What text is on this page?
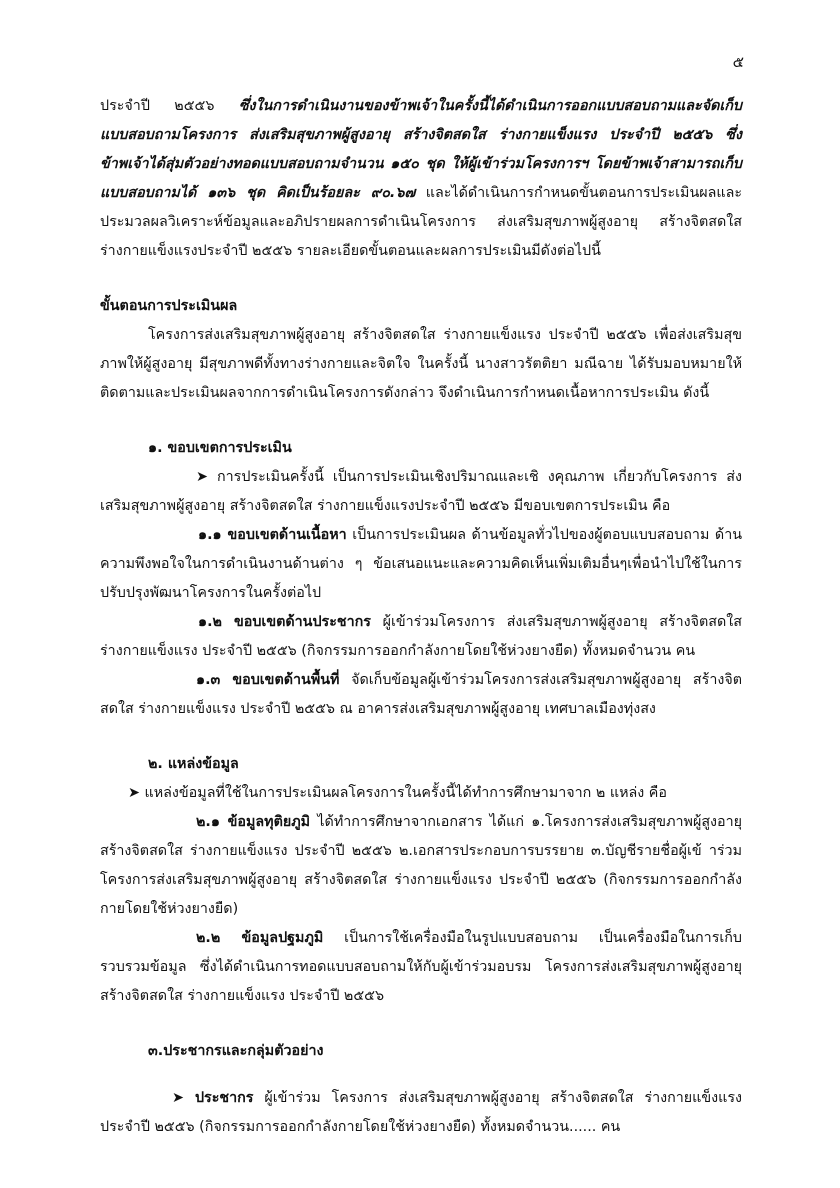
๕

ประจำปี ๒๕๕๖ ซึ่งในการดำเนินงานของข้าพเจ้าในครั้งนี้ได้ดำเนินการออกแบบสอบถามและจัดเก็บแบบสอบถามโครงการ ส่งเสริมสุขภาพผู้สูงอายุ สร้างจิตสดใส ร่างกายแข็งแรง ประจำปี ๒๕๕๖ ซึ่งข้าพเจ้าได้สุ่มตัวอย่างทอดแบบสอบถามจำนวน ๑๕๐ ชุด ให้ผู้เข้าร่วมโครงการฯ โดยข้าพเจ้าสามารถเก็บแบบสอบถามได้ ๑๓๖ ชุด คิดเป็นร้อยละ ๙๐.๖๗ และได้ดำเนินการกำหนดขั้นตอนการประเมินผลและประมวลผลวิเคราะห์ข้อมูลและอภิปรายผลการดำเนินโครงการ ส่งเสริมสุขภาพผู้สูงอายุ สร้างจิตสดใส ร่างกายแข็งแรงประจำปี ๒๕๕๖ รายละเอียดขั้นตอนและผลการประเมินมีดังต่อไปนี้

ขั้นตอนการประเมินผล

โครงการส่งเสริมสุขภาพผู้สูงอายุ สร้างจิตสดใส ร่างกายแข็งแรง ประจำปี ๒๕๕๖ เพื่อส่งเสริมสุขภาพให้ผู้สูงอายุ มีสุขภาพดีทั้งทางร่างกายและจิตใจ ในครั้งนี้ นางสาวรัตติยา มณีฉาย ได้รับมอบหมายให้ติดตามและประเมินผลจากการดำเนินโครงการดังกล่าว จึงดำเนินการกำหนดเนื้อหาการประเมิน ดังนี้

๑. ขอบเขตการประเมิน

➤ การประเมินครั้งนี้ เป็นการประเมินเชิงปริมาณและเชิ งคุณภาพ เกี่ยวกับโครงการ ส่งเสริมสุขภาพผู้สูงอายุ สร้างจิตสดใส ร่างกายแข็งแรงประจำปี ๒๕๕๖ มีขอบเขตการประเมิน คือ

๑.๑ ขอบเขตด้านเนื้อหา เป็นการประเมินผล ด้านข้อมูลทั่วไปของผู้ตอบแบบสอบถาม ด้านความพึงพอใจในการดำเนินงานด้านต่าง ๆ ข้อเสนอแนะและความคิดเห็นเพิ่มเติมอื่นๆเพื่อนำไปใช้ในการปรับปรุงพัฒนาโครงการในครั้งต่อไป

๑.๒ ขอบเขตด้านประชากร ผู้เข้าร่วมโครงการ ส่งเสริมสุขภาพผู้สูงอายุ สร้างจิตสดใส ร่างกายแข็งแรง ประจำปี ๒๕๕๖ (กิจกรรมการออกกำลังกายโดยใช้ห่วงยางยืด) ทั้งหมดจำนวน คน

๑.๓ ขอบเขตด้านพื้นที่ จัดเก็บข้อมูลผู้เข้าร่วมโครงการส่งเสริมสุขภาพผู้สูงอายุ สร้างจิตสดใส ร่างกายแข็งแรง ประจำปี ๒๕๕๖ ณ อาคารส่งเสริมสุขภาพผู้สูงอายุ เทศบาลเมืองทุ่งสง

๒. แหล่งข้อมูล

➤ แหล่งข้อมูลที่ใช้ในการประเมินผลโครงการในครั้งนี้ได้ทำการศึกษามาจาก ๒ แหล่ง คือ

๒.๑ ข้อมูลทุติยภูมิ ได้ทำการศึกษาจากเอกสาร ได้แก่ ๑.โครงการส่งเสริมสุขภาพผู้สูงอายุ สร้างจิตสดใส ร่างกายแข็งแรง ประจำปี ๒๕๕๖ ๒.เอกสารประกอบการบรรยาย ๓.บัญชีรายชื่อผู้เข้ าร่วมโครงการส่งเสริมสุขภาพผู้สูงอายุ สร้างจิตสดใส ร่างกายแข็งแรง ประจำปี ๒๕๕๖ (กิจกรรมการออกกำลังกายโดยใช้ห่วงยางยืด)

๒.๒ ข้อมูลปฐมภูมิ เป็นการใช้เครื่องมือในรูปแบบสอบถาม เป็นเครื่องมือในการเก็บรวบรวมข้อมูล ซึ่งได้ดำเนินการทอดแบบสอบถามให้กับผู้เข้าร่วมอบรม โครงการส่งเสริมสุขภาพผู้สูงอายุ สร้างจิตสดใส ร่างกายแข็งแรง ประจำปี ๒๕๕๖

๓.ประชากรและกลุ่มตัวอย่าง

➤ ประชากร ผู้เข้าร่วม โครงการ ส่งเสริมสุขภาพผู้สูงอายุ สร้างจิตสดใส ร่างกายแข็งแรง ประจำปี ๒๕๕๖ (กิจกรรมการออกกำลังกายโดยใช้ห่วงยางยืด) ทั้งหมดจำนวน...... คน
